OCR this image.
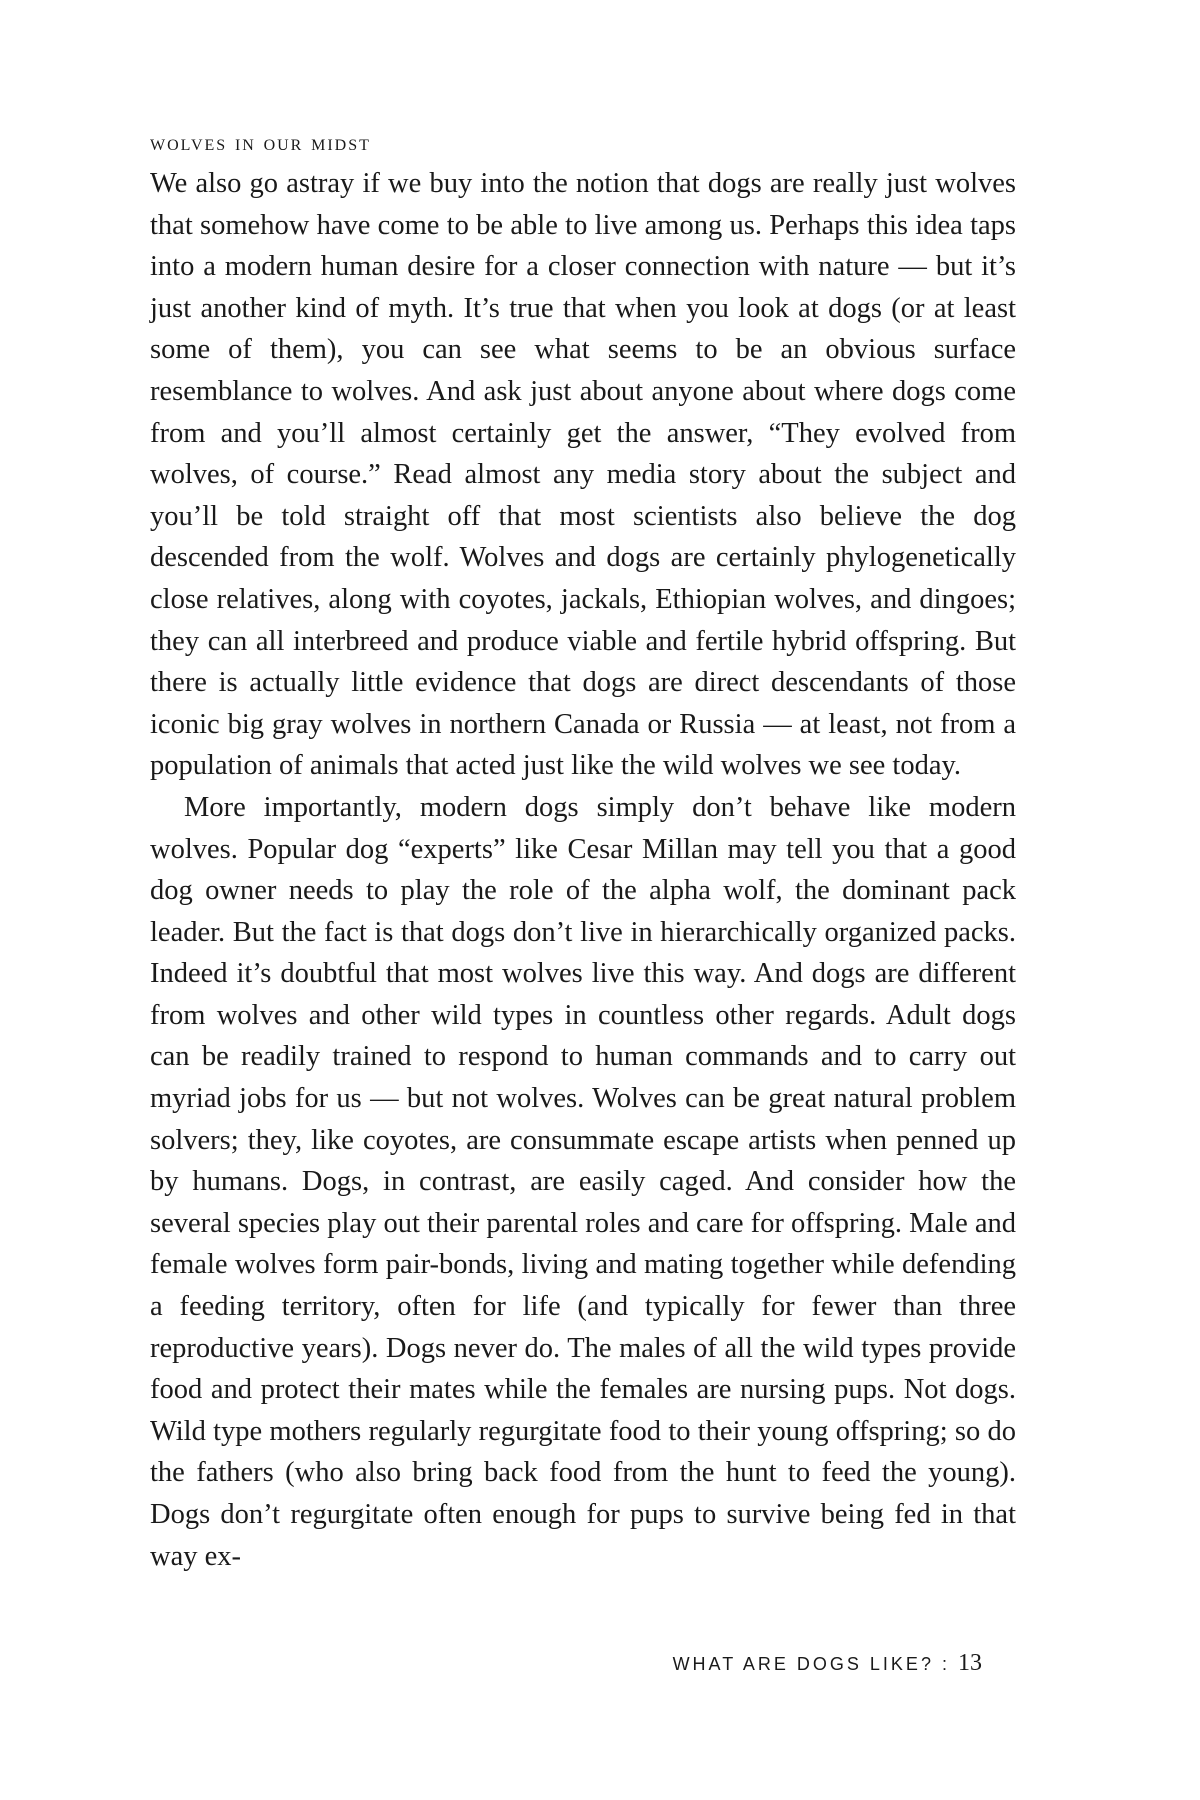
wolves in our midst

We also go astray if we buy into the notion that dogs are really just wolves that somehow have come to be able to live among us. Perhaps this idea taps into a modern human desire for a closer connection with nature — but it’s just another kind of myth. It’s true that when you look at dogs (or at least some of them), you can see what seems to be an obvious surface resemblance to wolves. And ask just about anyone about where dogs come from and you’ll almost certainly get the answer, “They evolved from wolves, of course.” Read almost any media story about the subject and you’ll be told straight off that most scientists also believe the dog descended from the wolf. Wolves and dogs are certainly phylogenetically close relatives, along with coyotes, jackals, Ethiopian wolves, and dingoes; they can all interbreed and produce viable and fertile hybrid offspring. But there is actually little evidence that dogs are direct descendants of those iconic big gray wolves in northern Canada or Russia — at least, not from a population of animals that acted just like the wild wolves we see today.

More importantly, modern dogs simply don’t behave like modern wolves. Popular dog “experts” like Cesar Millan may tell you that a good dog owner needs to play the role of the alpha wolf, the dominant pack leader. But the fact is that dogs don’t live in hierarchically organized packs. Indeed it’s doubtful that most wolves live this way. And dogs are different from wolves and other wild types in countless other regards. Adult dogs can be readily trained to respond to human commands and to carry out myriad jobs for us — but not wolves. Wolves can be great natural problem solvers; they, like coyotes, are consummate escape artists when penned up by humans. Dogs, in contrast, are easily caged. And consider how the several species play out their parental roles and care for offspring. Male and female wolves form pair-bonds, living and mating together while defending a feeding territory, often for life (and typically for fewer than three reproductive years). Dogs never do. The males of all the wild types provide food and protect their mates while the females are nursing pups. Not dogs. Wild type mothers regularly regurgitate food to their young offspring; so do the fathers (who also bring back food from the hunt to feed the young). Dogs don’t regurgitate often enough for pups to survive being fed in that way ex-

WHAT ARE DOGS LIKE? : 13
